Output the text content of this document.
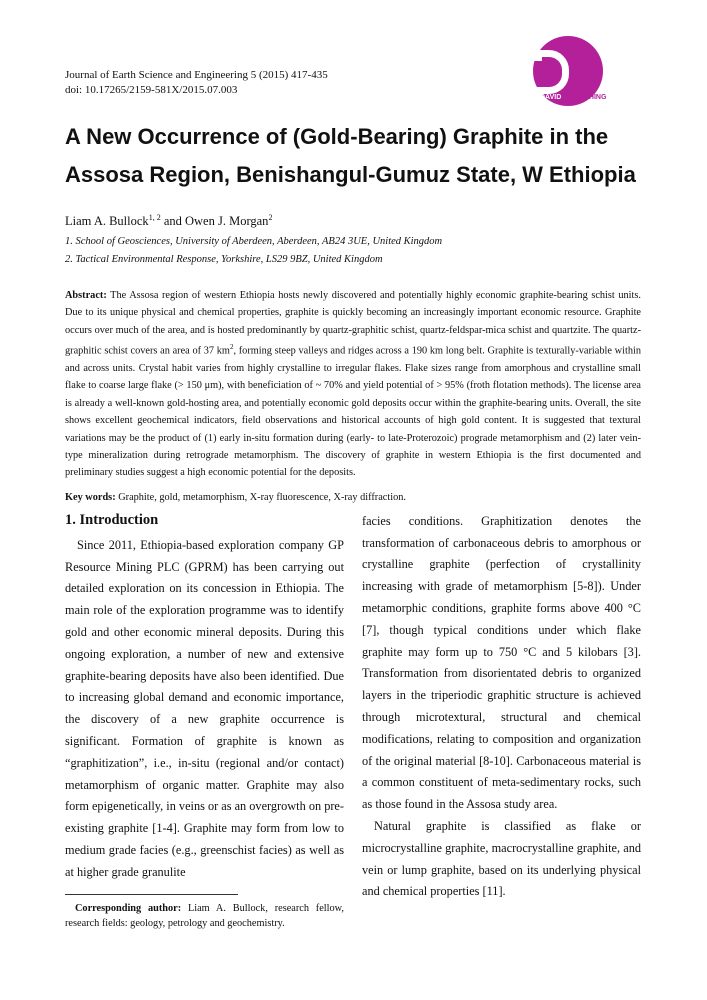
Journal of Earth Science and Engineering 5 (2015) 417-435
doi: 10.17265/2159-581X/2015.07.003
DAVID PUBLISHING
A New Occurrence of (Gold-Bearing) Graphite in the Assosa Region, Benishangul-Gumuz State, W Ethiopia
Liam A. Bullock$^{1, 2}$ and Owen J. Morgan$^2$
1. School of Geosciences, University of Aberdeen, Aberdeen, AB24 3UE, United Kingdom
2. Tactical Environmental Response, Yorkshire, LS29 9BZ, United Kingdom
Abstract: The Assosa region of western Ethiopia hosts newly discovered and potentially highly economic graphite-bearing schist units. Due to its unique physical and chemical properties, graphite is quickly becoming an increasingly important economic resource. Graphite occurs over much of the area, and is hosted predominantly by quartz-graphitic schist, quartz-feldspar-mica schist and quartzite. The quartz-graphitic schist covers an area of 37 $km^2$, forming steep valleys and ridges across a 190 km long belt. Graphite is texturally-variable within and across units. Crystal habit varies from highly crystalline to irregular flakes. Flake sizes range from amorphous and crystalline small flake to coarse large flake (> 150 μm), with beneficiation of ~ 70% and yield potential of > 95% (froth flotation methods). The license area is already a well-known gold-hosting area, and potentially economic gold deposits occur within the graphite-bearing units. Overall, the site shows excellent geochemical indicators, field observations and historical accounts of high gold content. It is suggested that textural variations may be the product of (1) early in-situ formation during (early- to late-Proterozoic) prograde metamorphism and (2) later vein-type mineralization during retrograde metamorphism. The discovery of graphite in western Ethiopia is the first documented and preliminary studies suggest a high economic potential for the deposits.
Key words: Graphite, gold, metamorphism, X-ray fluorescence, X-ray diffraction.
1. Introduction

Since 2011, Ethiopia-based exploration company GP Resource Mining PLC (GPRM) has been carrying out detailed exploration on its concession in Ethiopia. The main role of the exploration programme was to identify gold and other economic mineral deposits. During this ongoing exploration, a number of new and extensive graphite-bearing deposits have also been identified. Due to increasing global demand and economic importance, the discovery of a new graphite occurrence is significant. Formation of graphite is known as “graphitization”, i.e., in-situ (regional and/or contact) metamorphism of organic matter. Graphite may also form epigenetically, in veins or as an overgrowth on pre-existing graphite [1-4]. Graphite may form from low to medium grade facies (e.g., greenschist facies) as well as at higher grade granulite

Corresponding author: Liam A. Bullock, research fellow, research fields: geology, petrology and geochemistry.

facies conditions. Graphitization denotes the transformation of carbonaceous debris to amorphous or crystalline graphite (perfection of crystallinity increasing with grade of metamorphism [5-8]). Under metamorphic conditions, graphite forms above 400 °C [7], though typical conditions under which flake graphite may form up to 750 °C and 5 kilobars [3]. Transformation from disorientated debris to organized layers in the triperiodic graphitic structure is achieved through microtextural, structural and chemical modifications, relating to composition and organization of the original material [8-10]. Carbonaceous material is a common constituent of meta-sedimentary rocks, such as those found in the Assosa study area.

Natural graphite is classified as flake or microcrystalline graphite, macrocrystalline graphite, and vein or lump graphite, based on its underlying physical and chemical properties [11].
